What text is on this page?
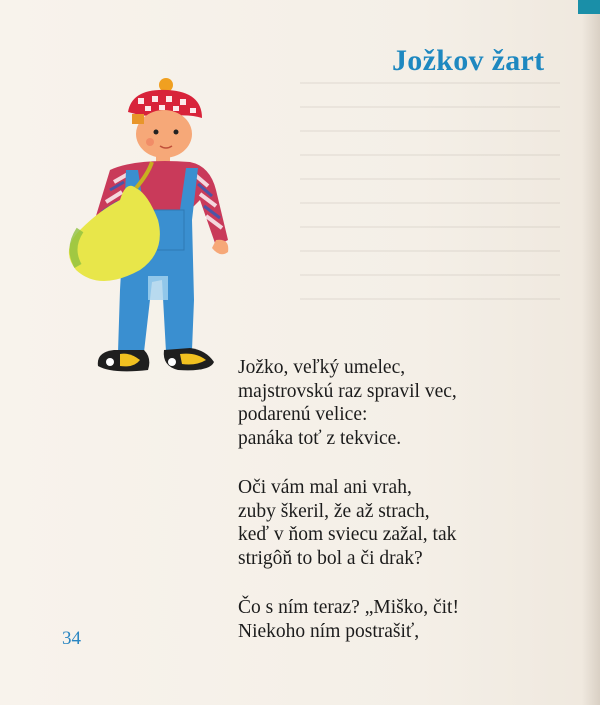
Jožkov žart
Jožko, veľký umelec,
majstrovskú raz spravil vec,
podarenú velice:
panáka toť z tekvice.
Oči vám mal ani vrah,
zuby škeril, že až strach,
keď v ňom sviecu zažal, tak
strigôň to bol a či drak?
Čo s ním teraz? „Miško, čit!
Niekoho ním postrašiť,
34
